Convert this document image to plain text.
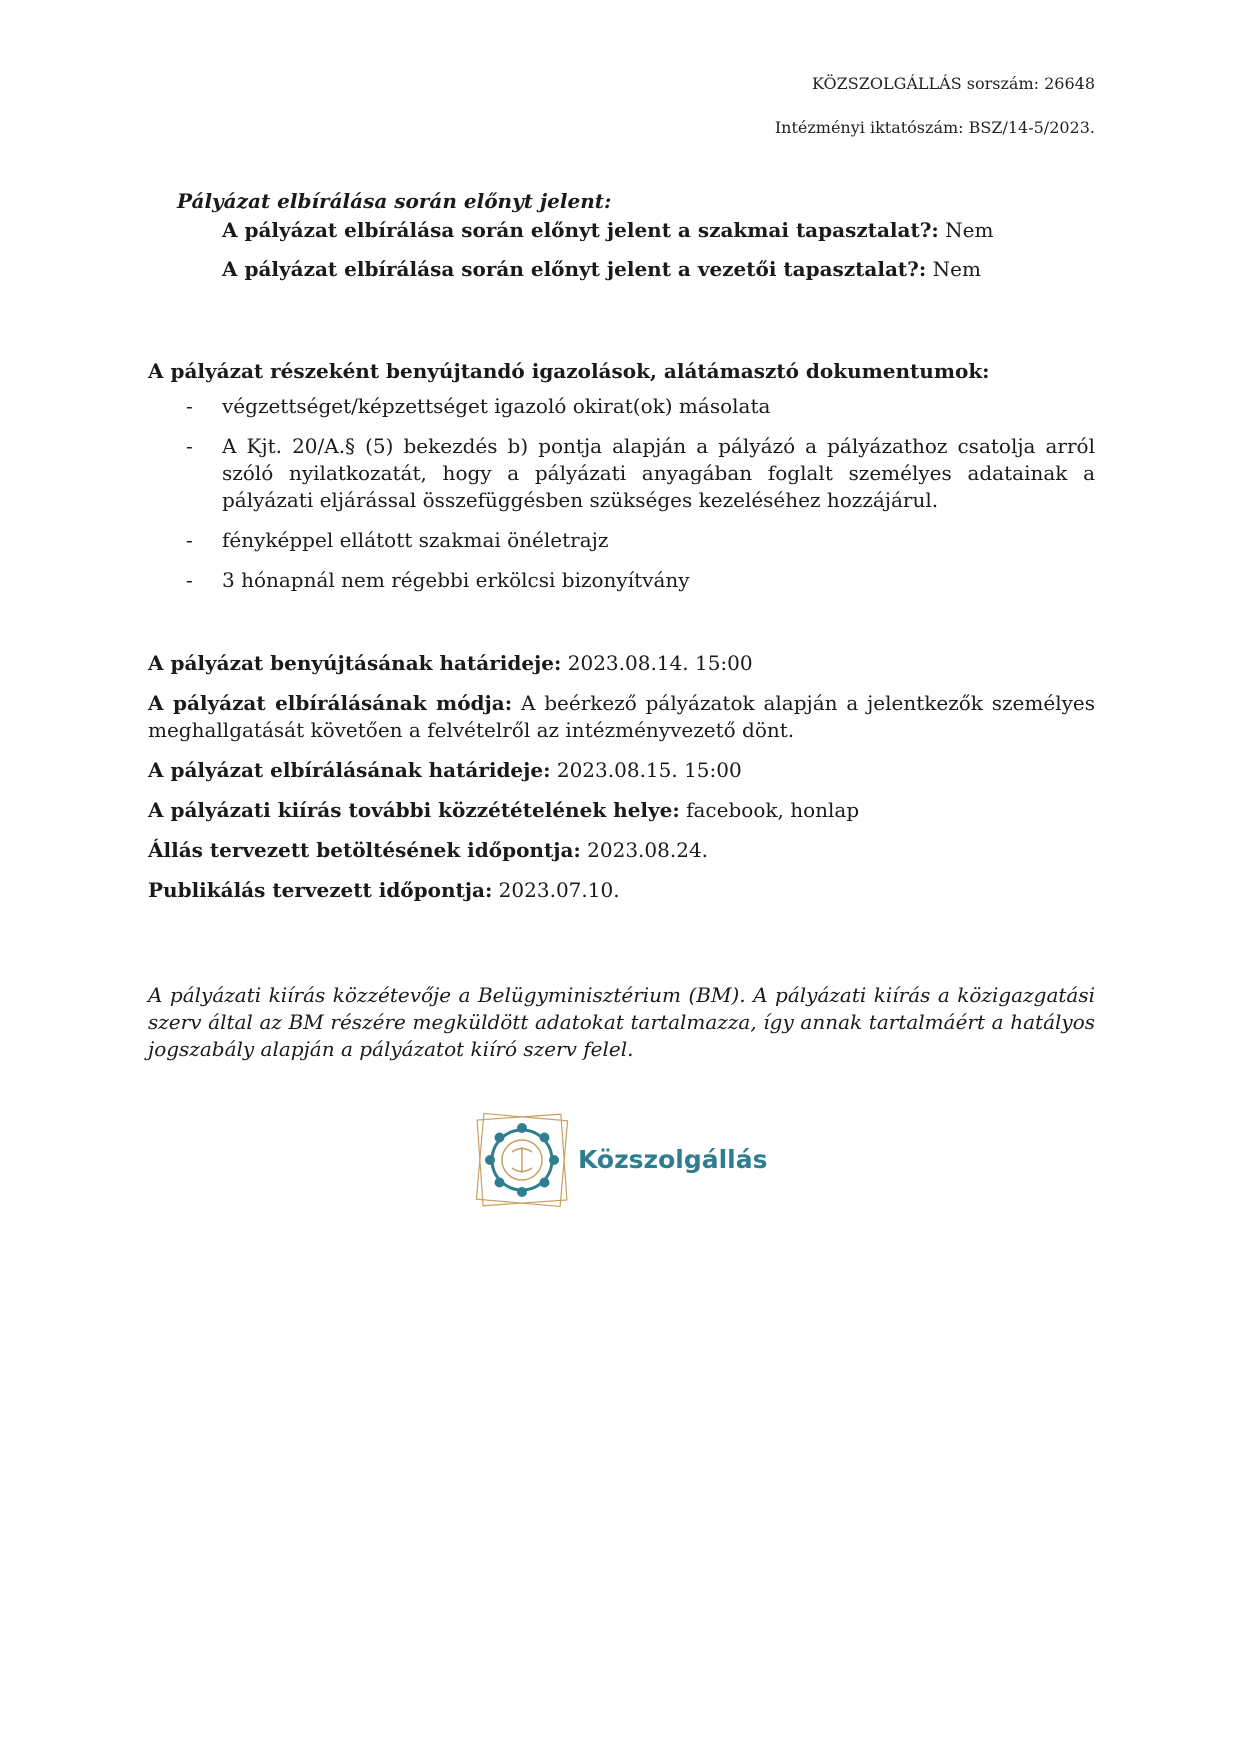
KÖZSZOLGÁLLÁS sorszám: 26648
Intézményi iktatószám: BSZ/14-5/2023.

Pályázat elbírálása során előnyt jelent:

A pályázat elbírálása során előnyt jelent a szakmai tapasztalat?: Nem

A pályázat elbírálása során előnyt jelent a vezetői tapasztalat?: Nem

A pályázat részeként benyújtandó igazolások, alátámasztó dokumentumok:

-	végzettséget/képzettséget igazoló okirat(ok) másolata
-	A Kjt. 20/A.§ (5) bekezdés b) pontja alapján a pályázó a pályázathoz csatolja arról szóló nyilatkozatát, hogy a pályázati anyagában foglalt személyes adatainak a pályázati eljárással összefüggésben szükséges kezeléséhez hozzájárul.
-	fényképpel ellátott szakmai önéletrajz
-	3 hónapnál nem régebbi erkölcsi bizonyítvány

A pályázat benyújtásának határideje: 2023.08.14. 15:00

A pályázat elbírálásának módja: A beérkező pályázatok alapján a jelentkezők személyes meghallgatását követően a felvételről az intézményvezető dönt.

A pályázat elbírálásának határideje: 2023.08.15. 15:00

A pályázati kiírás további közzétételének helye: facebook, honlap

Állás tervezett betöltésének időpontja: 2023.08.24.

Publikálás tervezett időpontja: 2023.07.10.

A pályázati kiírás közzétevője a Belügyminisztérium (BM). A pályázati kiírás a közigazgatási szerv által az BM részére megküldött adatokat tartalmazza, így annak tartalmáért a hatályos jogszabály alapján a pályázatot kiíró szerv felel.
Közszolgállás
